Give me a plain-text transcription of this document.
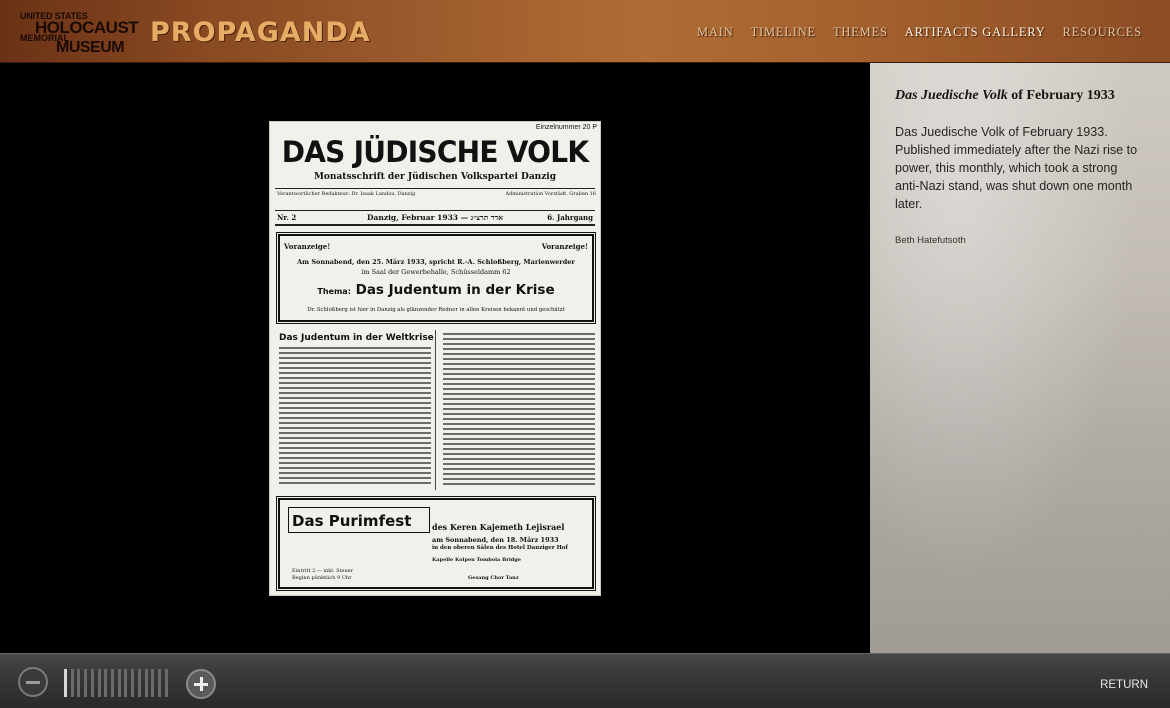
UNITED STATES
HOLOCAUST
MEMORIAL
MUSEUM PROPAGANDA	MAIN TIMELINE THEMES ARTIFACTS GALLERY RESOURCES
Einzelnummer 20 P
DAS JÜDISCHE VOLK
Monatsschrift der Jüdischen Volkspartei Danzig
Verantwortlicher Redakteur: Dr. Isaak Landau, Danzig	Administration Vorstädt. Graben 16
Nr. 2	Danzig, Februar 1933 — אדר תרצ״ג	6. Jahrgang
Voranzeige!	Voranzeige!
Am Sonnabend, den 25. März 1933, spricht R.-A. Schloßberg, Marienwerder
im Saal der Gewerbehalle, Schüsseldamm 62
Thema: Das Judentum in der Krise
Dr. Schloßberg ist hier in Danzig als glänzender Redner in allen Kreisen bekannt und geschätzt
Das Judentum in der Weltkrise
Das Purimfest	des Keren Kajemeth Lejisrael
am Sonnabend, den 18. März 1933
in den oberen Sälen des Hotel Danziger Hof
Kapelle Kolpen Tombola Bridge
Eintritt 2.— inkl. Steuer
Beginn pünktlich 9 Uhr	Gesang Chor Tanz
Das Juedische Volk of February 1933
Das Juedische Volk of February 1933. Published immediately after the Nazi rise to power, this monthly, which took a strong anti-Nazi stand, was shut down one month later.
Beth Hatefutsoth
RETURN
